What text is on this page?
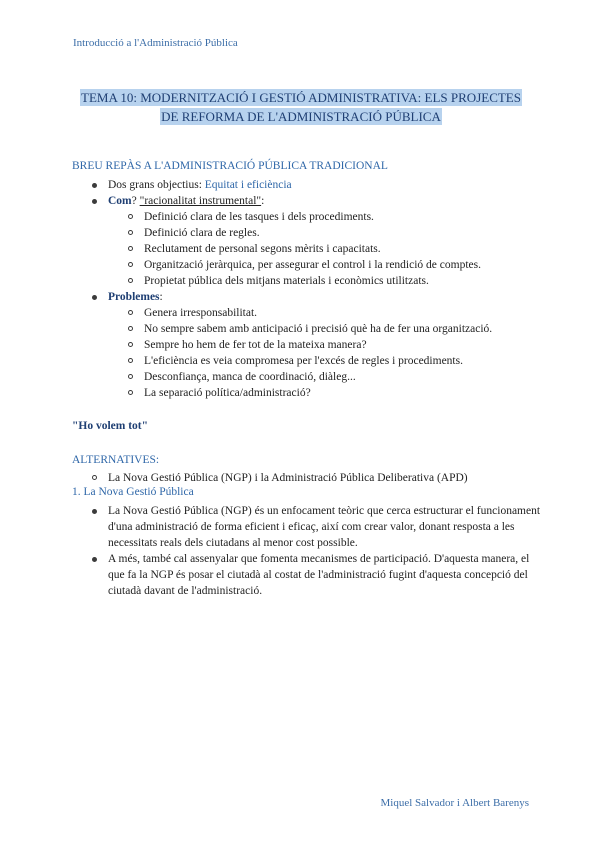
Introducció a l'Administració Pública
TEMA 10: MODERNITZACIÓ I GESTIÓ ADMINISTRATIVA: ELS PROJECTES
DE REFORMA DE L'ADMINISTRACIÓ PÚBLICA
BREU REPÀS A L'ADMINISTRACIÓ PÚBLICA TRADICIONAL
Dos grans objectius: Equitat i eficiència
Com? "racionalitat instrumental":
Definició clara de les tasques i dels procediments.
Definició clara de regles.
Reclutament de personal segons mèrits i capacitats.
Organització jeràrquica, per assegurar el control i la rendició de comptes.
Propietat pública dels mitjans materials i econòmics utilitzats.
Problemes:
Genera irresponsabilitat.
No sempre sabem amb anticipació i precisió què ha de fer una organització.
Sempre ho hem de fer tot de la mateixa manera?
L'eficiència es veia compromesa per l'excés de regles i procediments.
Desconfiança, manca de coordinació, diàleg...
La separació política/administració?
"Ho volem tot"
ALTERNATIVES:
La Nova Gestió Pública (NGP) i la Administració Pública Deliberativa (APD)
1. La Nova Gestió Pública
La Nova Gestió Pública (NGP) és un enfocament teòric que cerca estructurar el funcionament d'una administració de forma eficient i eficaç, així com crear valor, donant resposta a les necessitats reals dels ciutadans al menor cost possible.
A més, també cal assenyalar que fomenta mecanismes de participació. D'aquesta manera, el que fa la NGP és posar el ciutadà al costat de l'administració fugint d'aquesta concepció del ciutadà davant de l'administració.
Miquel Salvador i Albert Barenys
